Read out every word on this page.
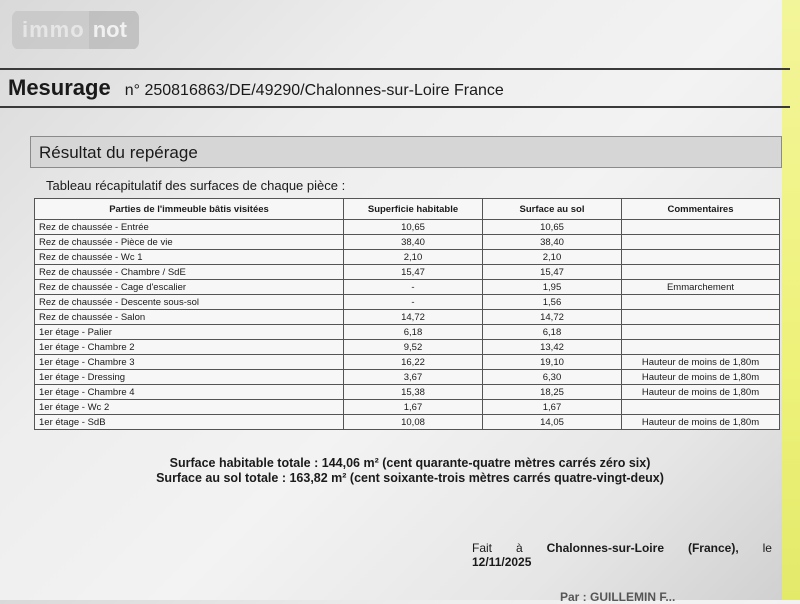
immo not
Mesurage n° 250816863/DE/49290/Chalonnes-sur-Loire France
Résultat du repérage
Tableau récapitulatif des surfaces de chaque pièce :
Parties de l'immeuble bâtis visitées	Superficie habitable	Surface au sol	Commentaires
Rez de chaussée - Entrée	10,65	10,65	
Rez de chaussée - Pièce de vie	38,40	38,40	
Rez de chaussée - Wc 1	2,10	2,10	
Rez de chaussée - Chambre / SdE	15,47	15,47	
Rez de chaussée - Cage d'escalier	-	1,95	Emmarchement
Rez de chaussée - Descente sous-sol	-	1,56	
Rez de chaussée - Salon	14,72	14,72	
1er étage - Palier	6,18	6,18	
1er étage - Chambre 2	9,52	13,42	
1er étage - Chambre 3	16,22	19,10	Hauteur de moins de 1,80m
1er étage - Dressing	3,67	6,30	Hauteur de moins de 1,80m
1er étage - Chambre 4	15,38	18,25	Hauteur de moins de 1,80m
1er étage - Wc 2	1,67	1,67	
1er étage - SdB	10,08	14,05	Hauteur de moins de 1,80m
Surface habitable totale : 144,06 m² (cent quarante-quatre mètres carrés zéro six)
Surface au sol totale : 163,82 m² (cent soixante-trois mètres carrés quatre-vingt-deux)
Fait à Chalonnes-sur-Loire (France), le
12/11/2025
Par : GUILLEMIN F...
